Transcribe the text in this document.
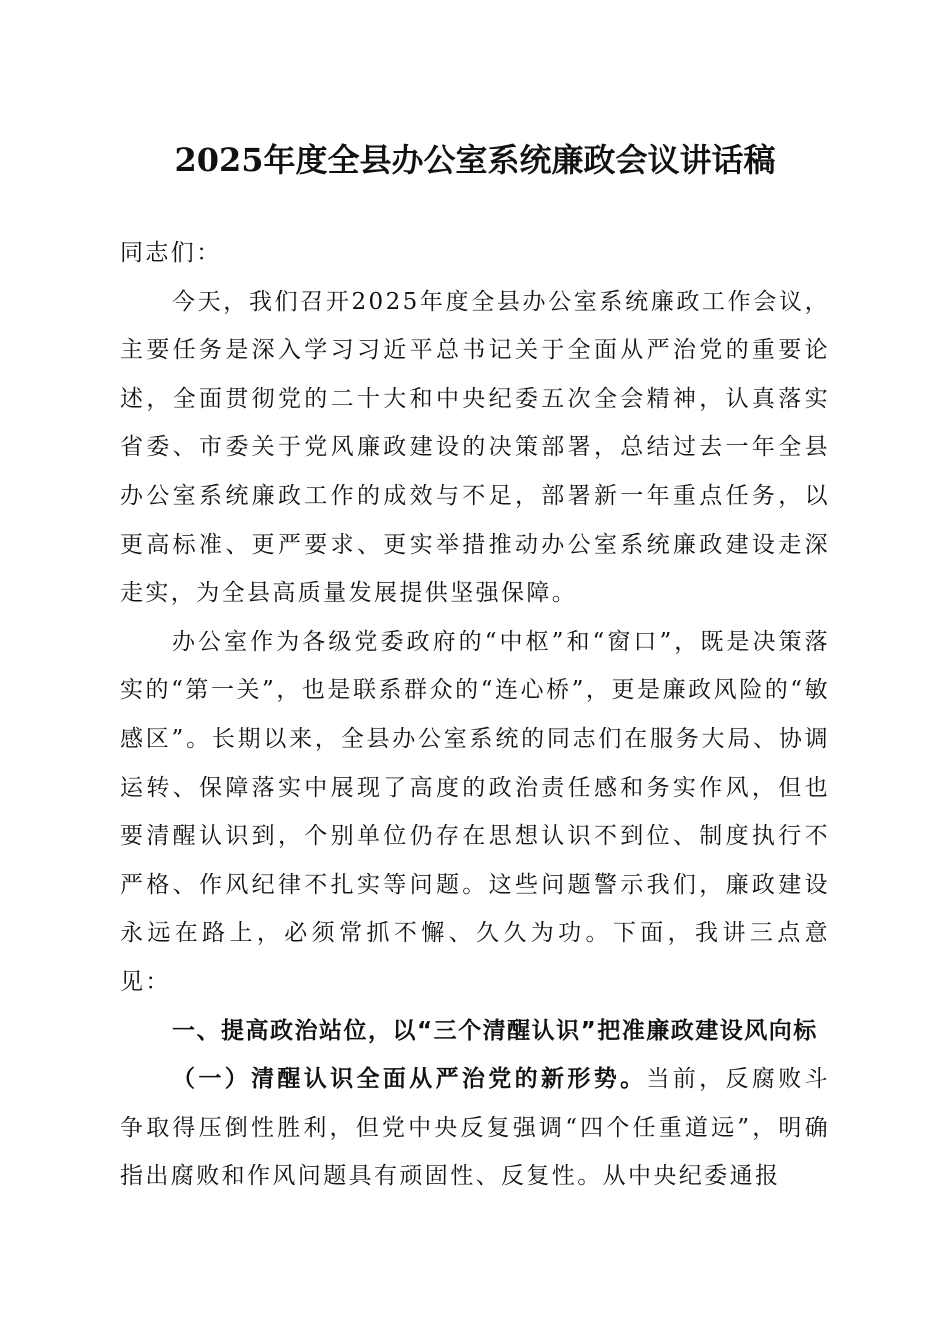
2025年度全县办公室系统廉政会议讲话稿

同志们：

今天，我们召开2025年度全县办公室系统廉政工作会议，主要任务是深入学习习近平总书记关于全面从严治党的重要论述，全面贯彻党的二十大和中央纪委五次全会精神，认真落实省委、市委关于党风廉政建设的决策部署，总结过去一年全县办公室系统廉政工作的成效与不足，部署新一年重点任务，以更高标准、更严要求、更实举措推动办公室系统廉政建设走深走实，为全县高质量发展提供坚强保障。

办公室作为各级党委政府的“中枢”和“窗口”，既是决策落实的“第一关”，也是联系群众的“连心桥”，更是廉政风险的“敏感区”。长期以来，全县办公室系统的同志们在服务大局、协调运转、保障落实中展现了高度的政治责任感和务实作风，但也要清醒认识到，个别单位仍存在思想认识不到位、制度执行不严格、作风纪律不扎实等问题。这些问题警示我们，廉政建设永远在路上，必须常抓不懈、久久为功。下面，我讲三点意见：

一、提高政治站位，以“三个清醒认识”把准廉政建设风向标

（一）清醒认识全面从严治党的新形势。当前，反腐败斗争取得压倒性胜利，但党中央反复强调“四个任重道远”，明确指出腐败和作风问题具有顽固性、反复性。从中央纪委通报
